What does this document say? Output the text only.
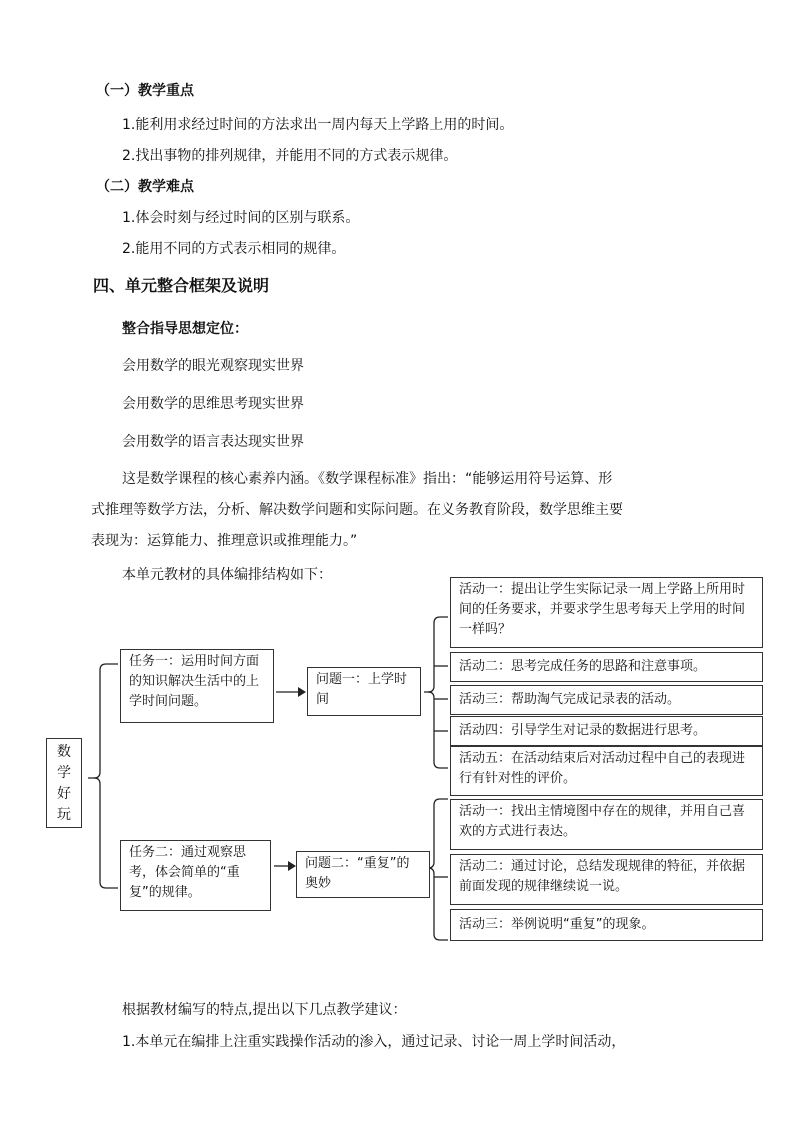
（一）教学重点
1.能利用求经过时间的方法求出一周内每天上学路上用的时间。
2.找出事物的排列规律，并能用不同的方式表示规律。
（二）教学难点
1.体会时刻与经过时间的区别与联系。
2.能用不同的方式表示相同的规律。
四、单元整合框架及说明
整合指导思想定位：
会用数学的眼光观察现实世界
会用数学的思维思考现实世界
会用数学的语言表达现实世界
这是数学课程的核心素养内涵。《数学课程标准》指出：“能够运用符号运算、形
式推理等数学方法，分析、解决数学问题和实际问题。在义务教育阶段，数学思维主要
表现为：运算能力、推理意识或推理能力。”
本单元教材的具体编排结构如下：
数学好玩
任务一：运用时间方面的知识解决生活中的上学时间问题。
问题一：上学时间
活动一：提出让学生实际记录一周上学路上所用时间的任务要求，并要求学生思考每天上学用的时间一样吗？
活动二：思考完成任务的思路和注意事项。
活动三：帮助淘气完成记录表的活动。
活动四：引导学生对记录的数据进行思考。
活动五：在活动结束后对活动过程中自己的表现进行有针对性的评价。
任务二：通过观察思考，体会简单的“重复”的规律。
问题二：“重复”的奥妙
活动一：找出主情境图中存在的规律，并用自己喜欢的方式进行表达。
活动二：通过讨论，总结发现规律的特征，并依据前面发现的规律继续说一说。
活动三：举例说明“重复”的现象。
根据教材编写的特点,提出以下几点教学建议：
1.本单元在编排上注重实践操作活动的渗入，通过记录、讨论一周上学时间活动，
